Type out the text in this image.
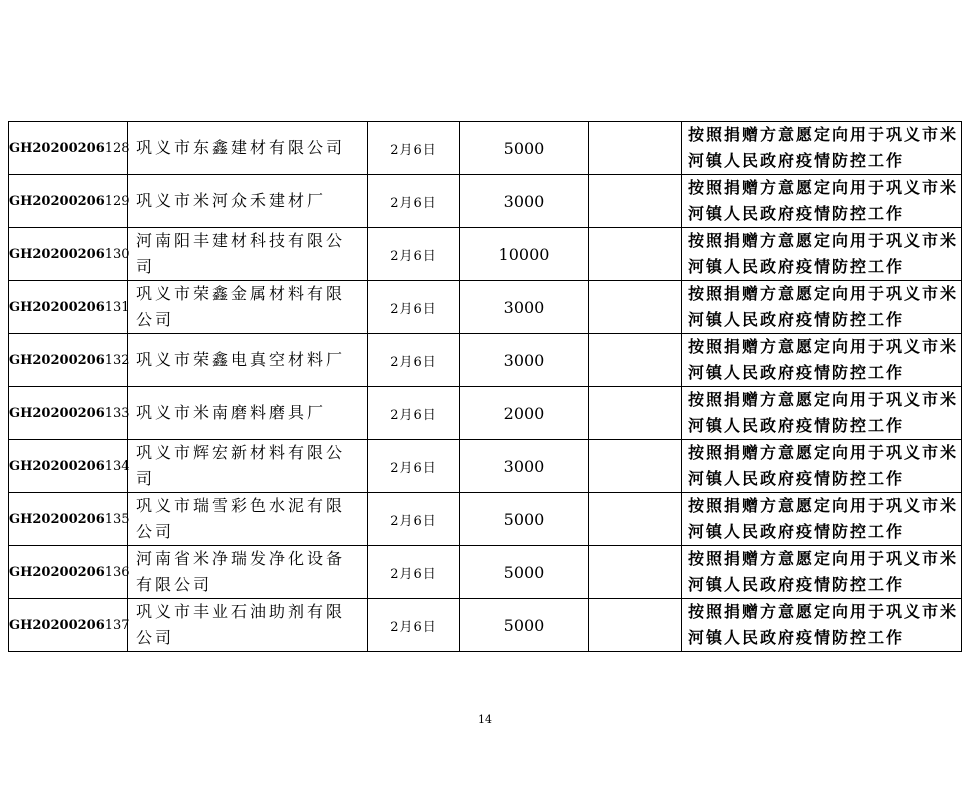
GH20200206128	巩义市东鑫建材有限公司	2月6日	5000		按照捐赠方意愿定向用于巩义市米河镇人民政府疫情防控工作
GH20200206129	巩义市米河众禾建材厂	2月6日	3000		按照捐赠方意愿定向用于巩义市米河镇人民政府疫情防控工作
GH20200206130	河南阳丰建材科技有限公司	2月6日	10000		按照捐赠方意愿定向用于巩义市米河镇人民政府疫情防控工作
GH20200206131	巩义市荣鑫金属材料有限公司	2月6日	3000		按照捐赠方意愿定向用于巩义市米河镇人民政府疫情防控工作
GH20200206132	巩义市荣鑫电真空材料厂	2月6日	3000		按照捐赠方意愿定向用于巩义市米河镇人民政府疫情防控工作
GH20200206133	巩义市米南磨料磨具厂	2月6日	2000		按照捐赠方意愿定向用于巩义市米河镇人民政府疫情防控工作
GH20200206134	巩义市辉宏新材料有限公司	2月6日	3000		按照捐赠方意愿定向用于巩义市米河镇人民政府疫情防控工作
GH20200206135	巩义市瑞雪彩色水泥有限公司	2月6日	5000		按照捐赠方意愿定向用于巩义市米河镇人民政府疫情防控工作
GH20200206136	河南省米净瑞发净化设备有限公司	2月6日	5000		按照捐赠方意愿定向用于巩义市米河镇人民政府疫情防控工作
GH20200206137	巩义市丰业石油助剂有限公司	2月6日	5000		按照捐赠方意愿定向用于巩义市米河镇人民政府疫情防控工作
14
